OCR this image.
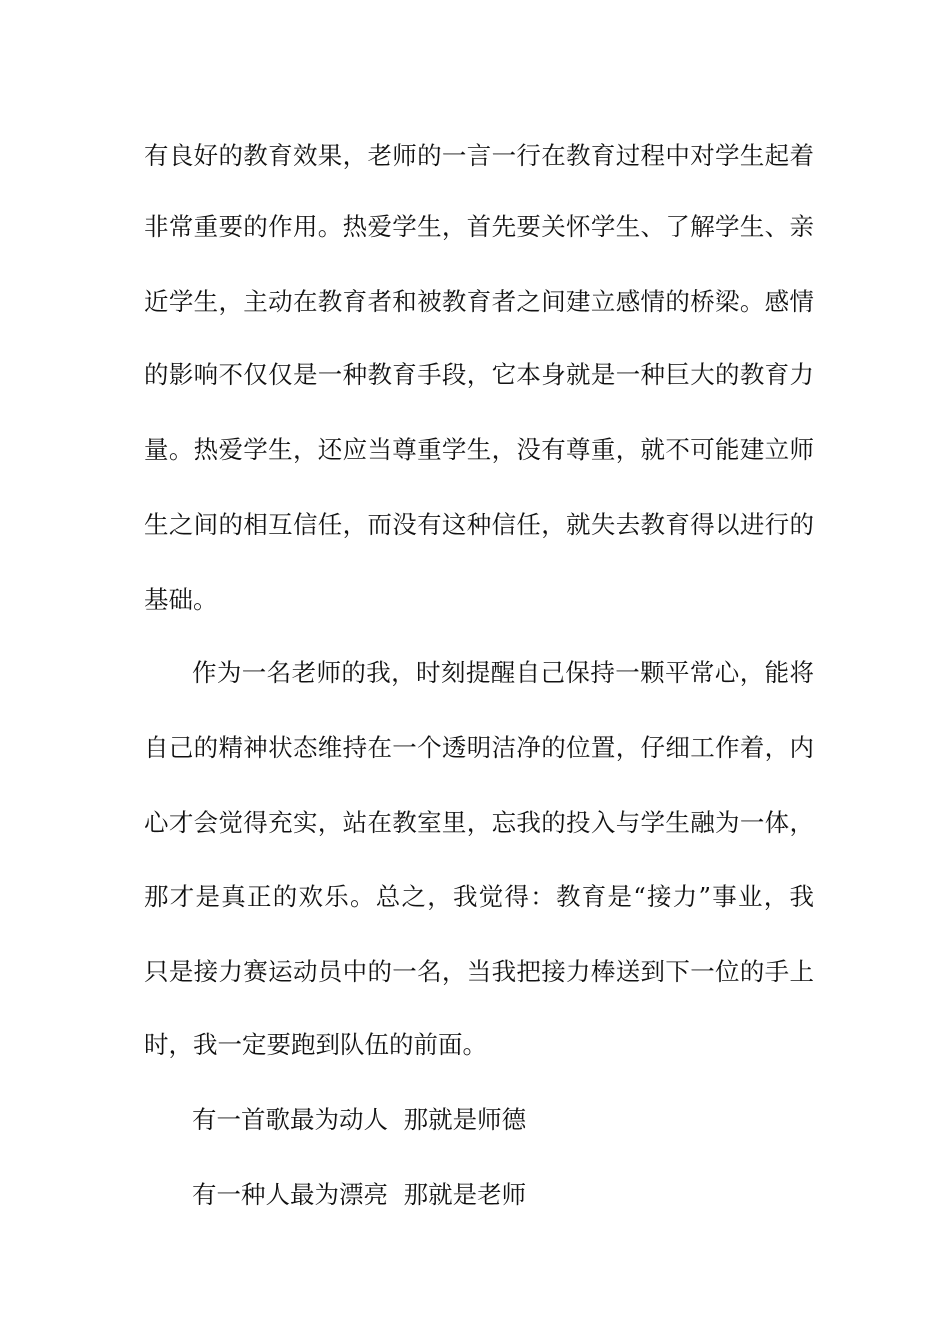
有良好的教育效果，老师的一言一行在教育过程中对学生起着
非常重要的作用。热爱学生，首先要关怀学生、了解学生、亲
近学生，主动在教育者和被教育者之间建立感情的桥梁。感情
的影响不仅仅是一种教育手段，它本身就是一种巨大的教育力
量。热爱学生，还应当尊重学生，没有尊重，就不可能建立师
生之间的相互信任，而没有这种信任，就失去教育得以进行的
基础。
作为一名老师的我，时刻提醒自己保持一颗平常心，能将
自己的精神状态维持在一个透明洁净的位置，仔细工作着，内
心才会觉得充实，站在教室里，忘我的投入与学生融为一体，
那才是真正的欢乐。总之，我觉得：教育是“接力”事业，我
只是接力赛运动员中的一名，当我把接力棒送到下一位的手上
时，我一定要跑到队伍的前面。
有一首歌最为动人  那就是师德
有一种人最为漂亮  那就是老师
